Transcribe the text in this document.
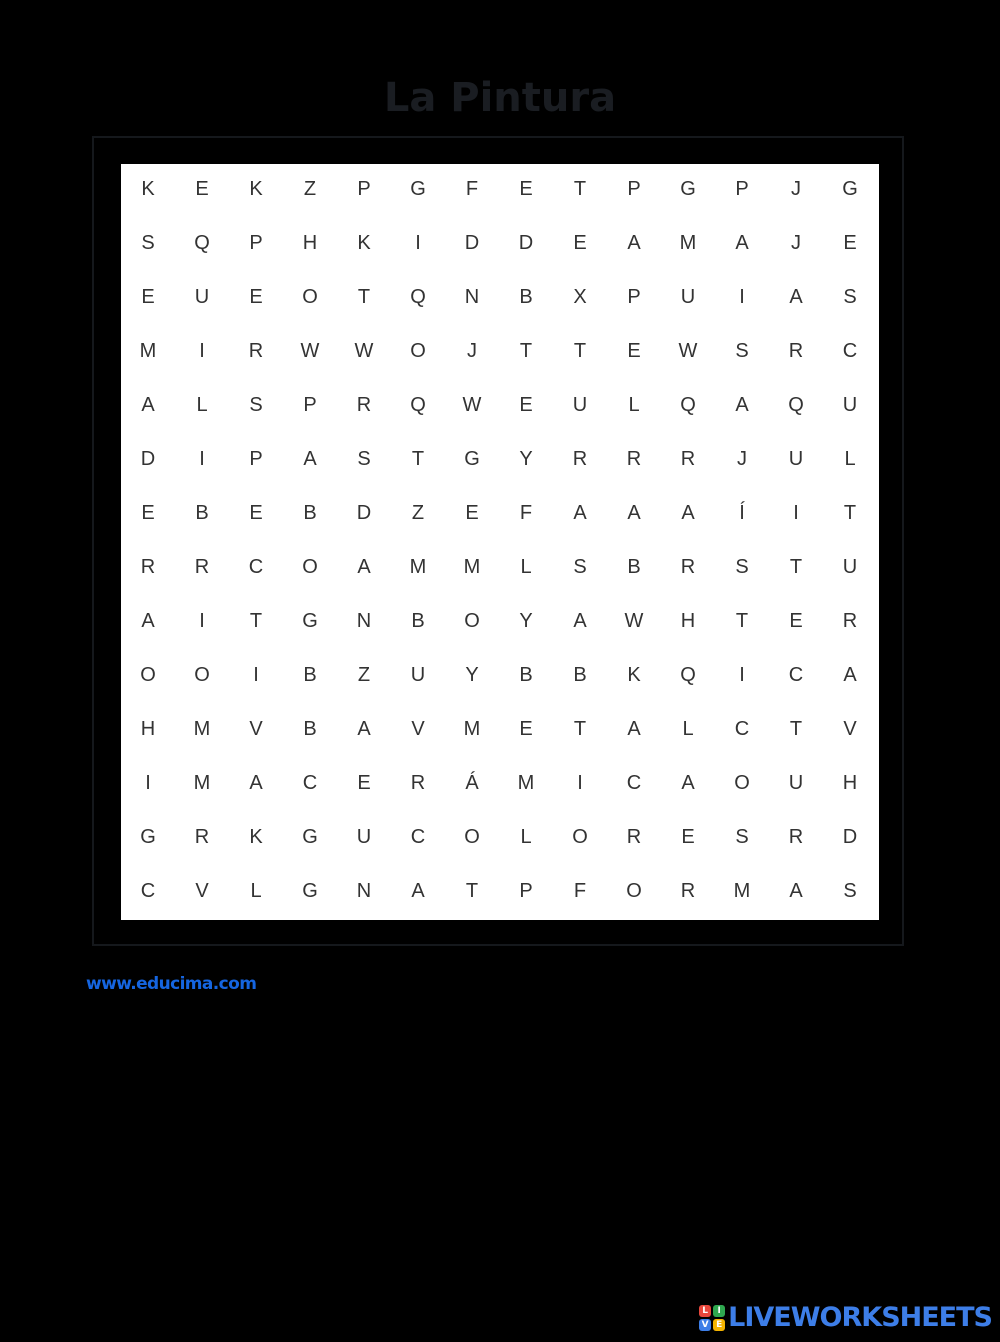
La Pintura
K	E	K	Z	P	G	F	E	T	P	G	P	J	G
S	Q	P	H	K	I	D	D	E	A	M	A	J	E
E	U	E	O	T	Q	N	B	X	P	U	I	A	S
M	I	R	W	W	O	J	T	T	E	W	S	R	C
A	L	S	P	R	Q	W	E	U	L	Q	A	Q	U
D	I	P	A	S	T	G	Y	R	R	R	J	U	L
E	B	E	B	D	Z	E	F	A	A	A	Í	I	T
R	R	C	O	A	M	M	L	S	B	R	S	T	U
A	I	T	G	N	B	O	Y	A	W	H	T	E	R
O	O	I	B	Z	U	Y	B	B	K	Q	I	C	A
H	M	V	B	A	V	M	E	T	A	L	C	T	V
I	M	A	C	E	R	Á	M	I	C	A	O	U	H
G	R	K	G	U	C	O	L	O	R	E	S	R	D
C	V	L	G	N	A	T	P	F	O	R	M	A	S
www.educima.com
L	I
V E LIVEWORKSHEETS
